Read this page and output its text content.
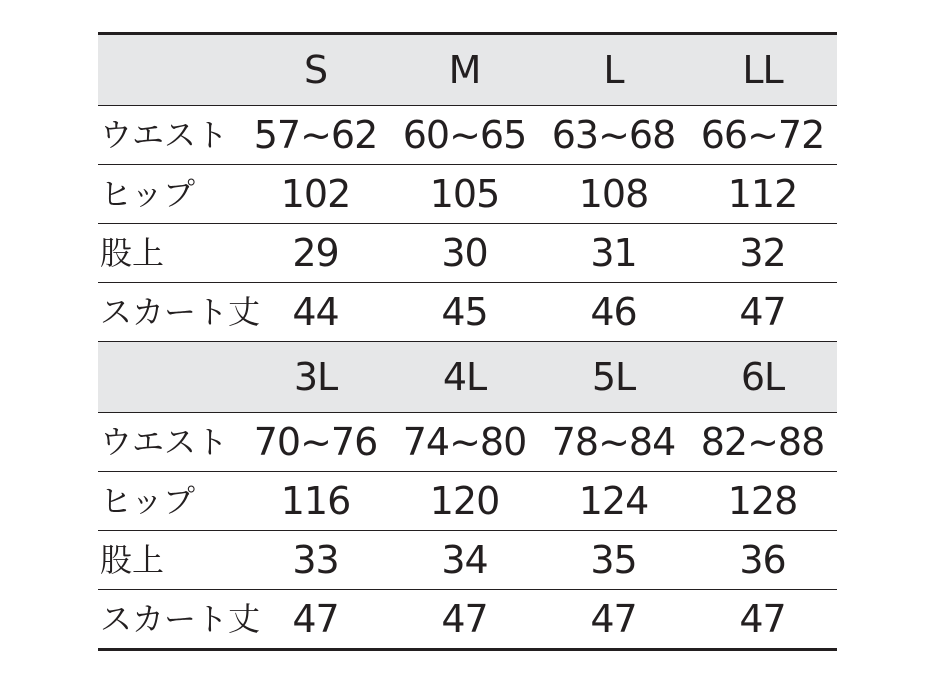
	S	M	L	LL
ウエスト	57~62	60~65	63~68	66~72
ヒップ	102	105	108	112
股上	29	30	31	32
スカート丈	44	45	46	47
	3L	4L	5L	6L
ウエスト	70~76	74~80	78~84	82~88
ヒップ	116	120	124	128
股上	33	34	35	36
スカート丈	47	47	47	47
